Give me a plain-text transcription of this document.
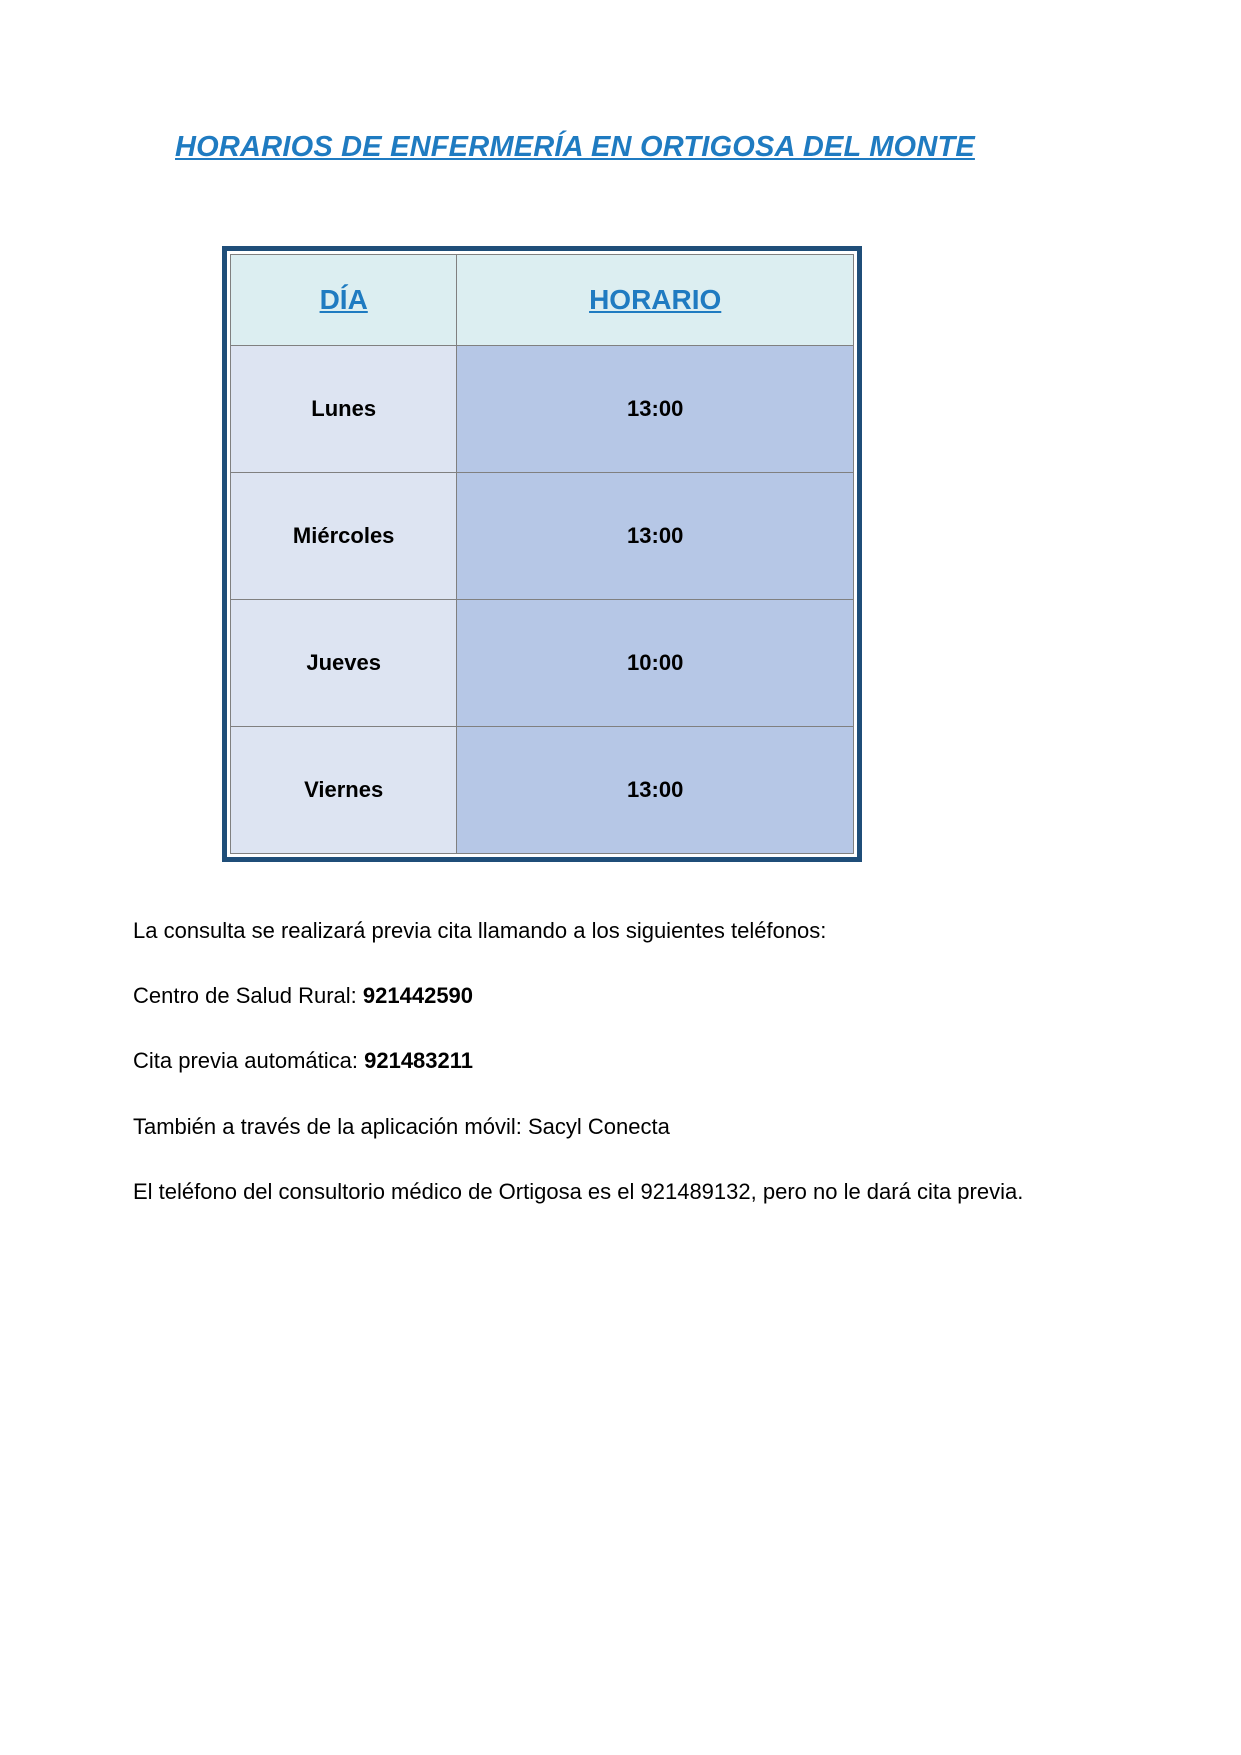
HORARIOS DE ENFERMERÍA EN ORTIGOSA DEL MONTE
DÍA	HORARIO
Lunes	13:00
Miércoles	13:00
Jueves	10:00
Viernes	13:00

La consulta se realizará previa cita llamando a los siguientes teléfonos:

Centro de Salud Rural: 921442590

Cita previa automática: 921483211

También a través de la aplicación móvil: Sacyl Conecta

El teléfono del consultorio médico de Ortigosa es el 921489132, pero no le dará cita previa.
